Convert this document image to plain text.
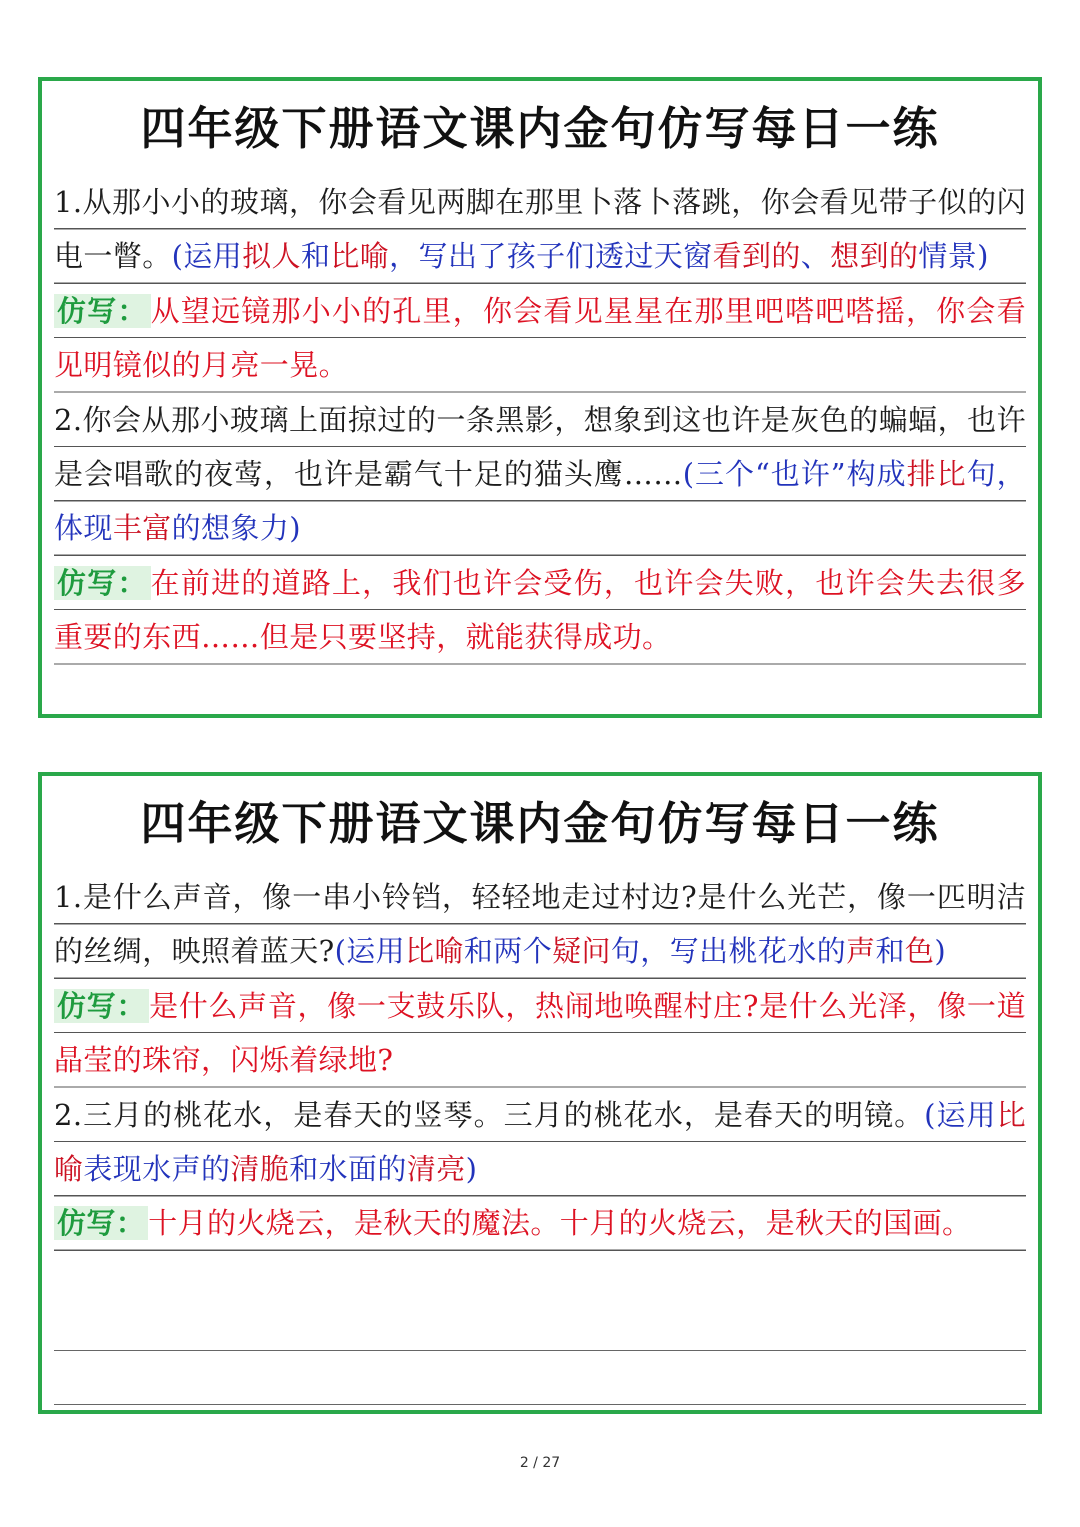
四年级下册语文课内金句仿写每日一练
1.从那小小的玻璃，你会看见两脚在那里卜落卜落跳，你会看见带子似的闪电一瞥。(运用拟人和比喻，写出了孩子们透过天窗看到的、想到的情景)
仿写： 从望远镜那小小的孔里，你会看见星星在那里吧嗒吧嗒摇，你会看见明镜似的月亮一晃。
2.你会从那小玻璃上面掠过的一条黑影，想象到这也许是灰色的蝙蝠，也许是会唱歌的夜莺，也许是霸气十足的猫头鹰……(三个“也许”构成排比句，体现丰富的想象力)
仿写： 在前进的道路上，我们也许会受伤，也许会失败，也许会失去很多重要的东西……但是只要坚持，就能获得成功。
四年级下册语文课内金句仿写每日一练
1.是什么声音，像一串小铃铛，轻轻地走过村边?是什么光芒，像一匹明洁的丝绸，映照着蓝天?(运用比喻和两个疑问句，写出桃花水的声和色)
仿写： 是什么声音，像一支鼓乐队，热闹地唤醒村庄?是什么光泽，像一道晶莹的珠帘，闪烁着绿地?
2.三月的桃花水，是春天的竖琴。三月的桃花水，是春天的明镜。(运用比喻表现水声的清脆和水面的清亮)
仿写： 十月的火烧云，是秋天的魔法。十月的火烧云，是秋天的国画。
2 / 27
